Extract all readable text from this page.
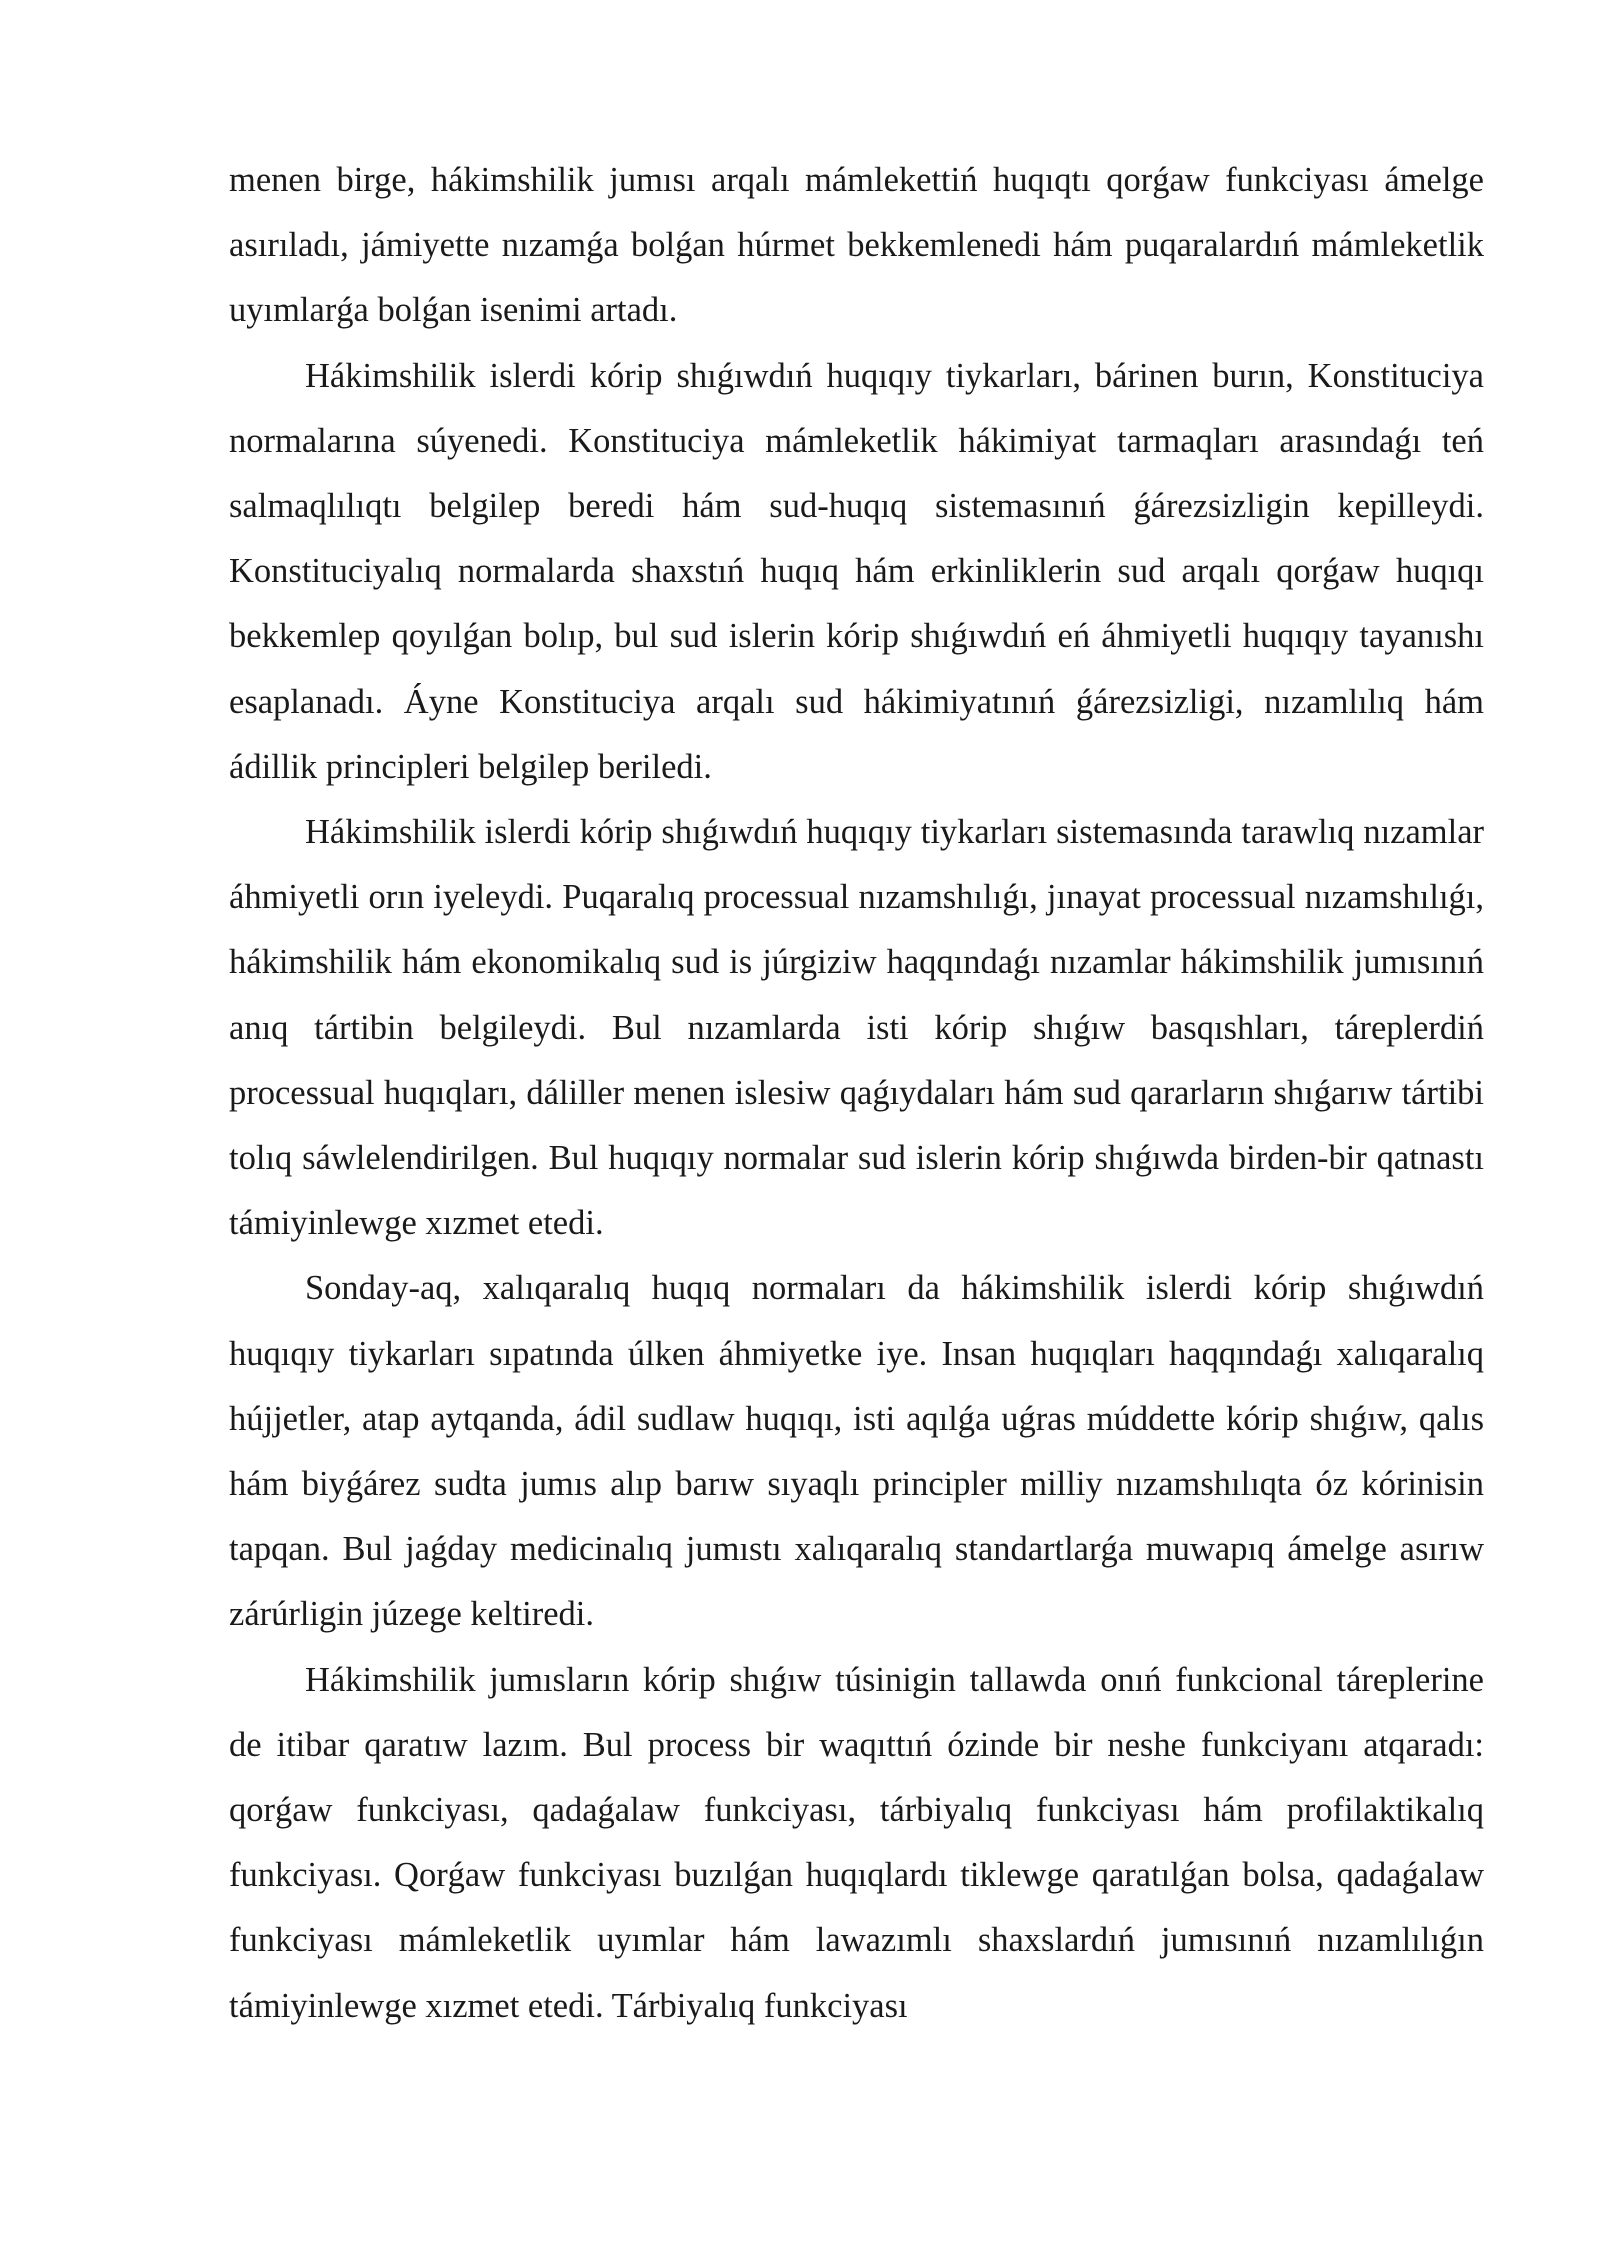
menen birge, hákimshilik jumısı arqalı mámlekettiń huqıqtı qorǵaw funkciyası ámelge asırıladı, jámiyette nızamǵa bolǵan húrmet bekkemlenedi hám puqaralardıń mámleketlik uyımlarǵa bolǵan isenimi artadı.

Hákimshilik islerdi kórip shıǵıwdıń huqıqıy tiykarları, bárinen burın, Konstituciya normalarına súyenedi. Konstituciya mámleketlik hákimiyat tarmaqları arasındaǵı teń salmaqlılıqtı belgilep beredi hám sud-huqıq sistemasınıń ǵárezsizligin kepilleydi. Konstituciyalıq normalarda shaxstıń huqıq hám erkinliklerin sud arqalı qorǵaw huqıqı bekkemlep qoyılǵan bolıp, bul sud islerin kórip shıǵıwdıń eń áhmiyetli huqıqıy tayanıshı esaplanadı. Áyne Konstituciya arqalı sud hákimiyatınıń ǵárezsizligi, nızamlılıq hám ádillik principleri belgilep beriledi.

Hákimshilik islerdi kórip shıǵıwdıń huqıqıy tiykarları sistemasında tarawlıq nızamlar áhmiyetli orın iyeleydi. Puqaralıq processual nızamshılıǵı, jınayat processual nızamshılıǵı, hákimshilik hám ekonomikalıq sud is júrgiziw haqqındaǵı nızamlar hákimshilik jumısınıń anıq tártibin belgileydi. Bul nızamlarda isti kórip shıǵıw basqıshları, táreplerdiń processual huqıqları, dáliller menen islesiw qaǵıydaları hám sud qararların shıǵarıw tártibi tolıq sáwlelendirilgen. Bul huqıqıy normalar sud islerin kórip shıǵıwda birden-bir qatnastı támiyinlewge xızmet etedi.

Sonday-aq, xalıqaralıq huqıq normaları da hákimshilik islerdi kórip shıǵıwdıń huqıqıy tiykarları sıpatında úlken áhmiyetke iye. Insan huqıqları haqqındaǵı xalıqaralıq hújjetler, atap aytqanda, ádil sudlaw huqıqı, isti aqılǵa uǵras múddette kórip shıǵıw, qalıs hám biyǵárez sudta jumıs alıp barıw sıyaqlı principler milliy nızamshılıqta óz kórinisin tapqan. Bul jaǵday medicinalıq jumıstı xalıqaralıq standartlarǵa muwapıq ámelge asırıw zárúrligin júzege keltiredi.

Hákimshilik jumısların kórip shıǵıw túsinigin tallawda onıń funkcional táreplerine de itibar qaratıw lazım. Bul process bir waqıttıń ózinde bir neshe funkciyanı atqaradı: qorǵaw funkciyası, qadaǵalaw funkciyası, tárbiyalıq funkciyası hám profilaktikalıq funkciyası. Qorǵaw funkciyası buzılǵan huqıqlardı tiklewge qaratılǵan bolsa, qadaǵalaw funkciyası mámleketlik uyımlar hám lawazımlı shaxslardıń jumısınıń nızamlılıǵın támiyinlewge xızmet etedi. Tárbiyalıq funkciyası
